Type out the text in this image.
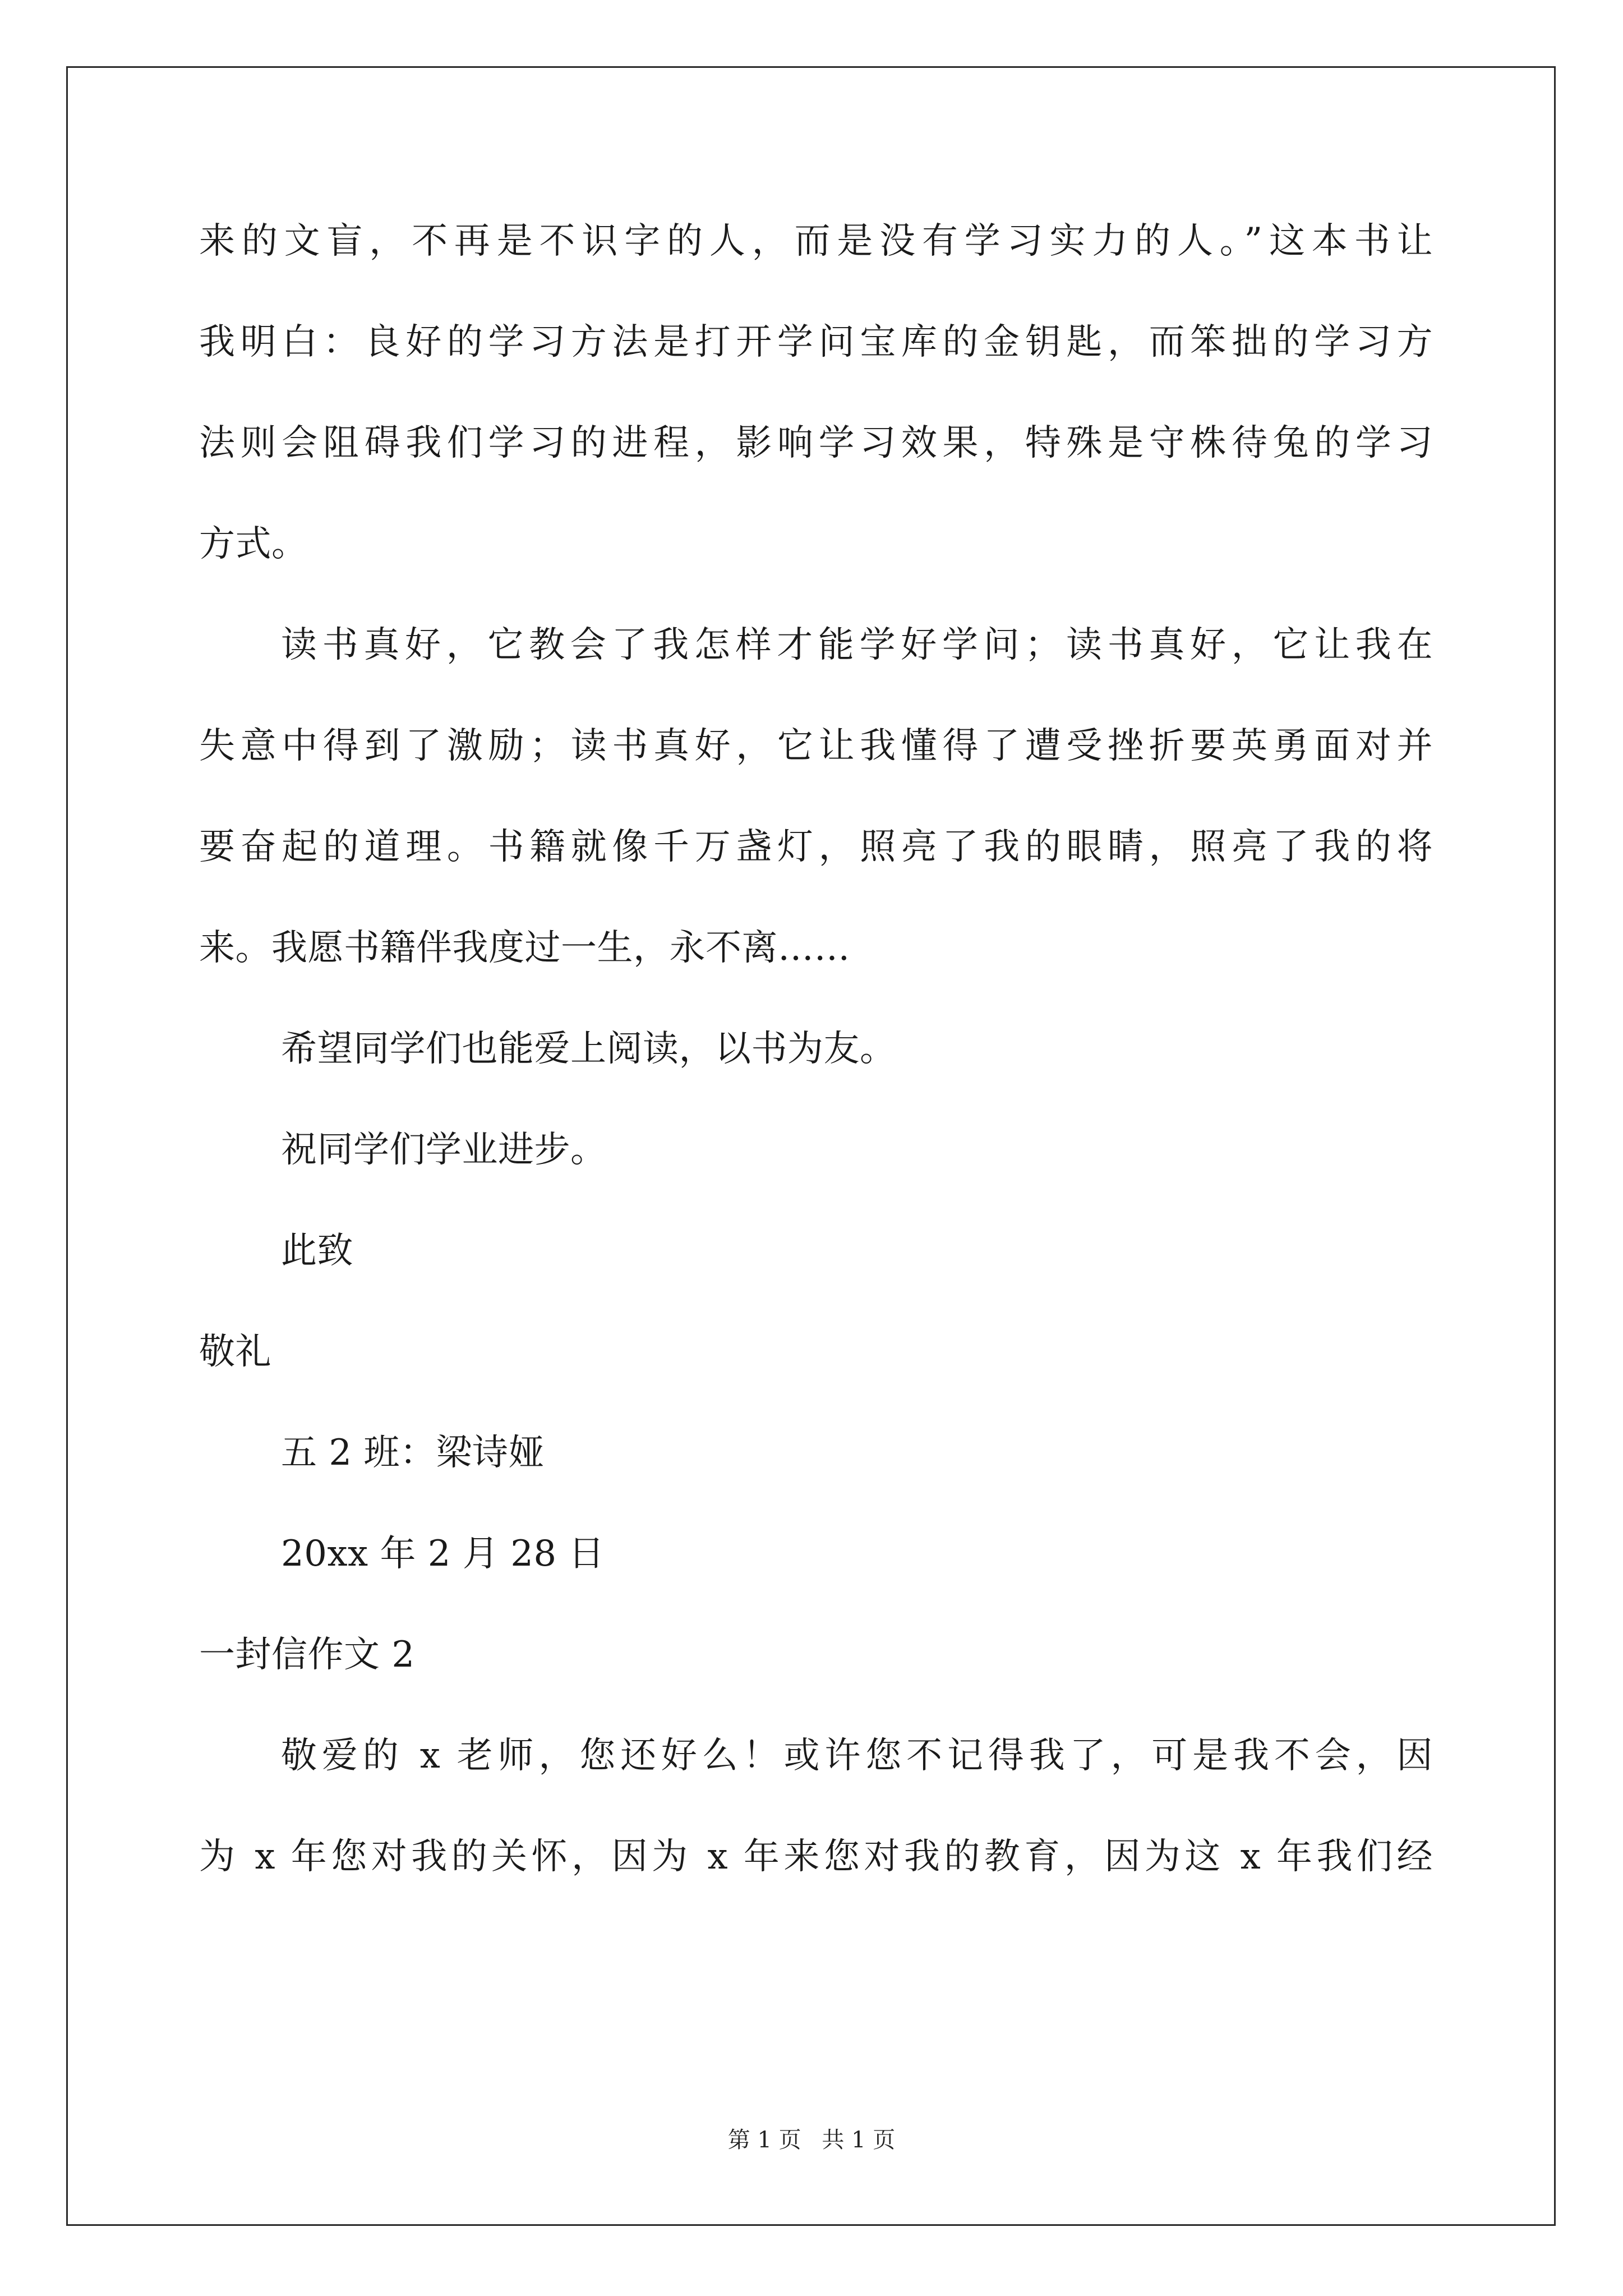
来的文盲，不再是不识字的人，而是没有学习实力的人。”这本书让
我明白：良好的学习方法是打开学问宝库的金钥匙，而笨拙的学习方
法则会阻碍我们学习的进程，影响学习效果，特殊是守株待兔的学习
方式。
读书真好，它教会了我怎样才能学好学问；读书真好，它让我在
失意中得到了激励；读书真好，它让我懂得了遭受挫折要英勇面对并
要奋起的道理。书籍就像千万盏灯，照亮了我的眼睛，照亮了我的将
来。我愿书籍伴我度过一生，永不离……
希望同学们也能爱上阅读，以书为友。
祝同学们学业进步。
此致
敬礼
五 2 班：梁诗娅
20xx 年 2 月 28 日
一封信作文 2
敬爱的 x 老师，您还好么！或许您不记得我了，可是我不会，因
为 x 年您对我的关怀，因为 x 年来您对我的教育，因为这 x 年我们经
第 1 页 共 1 页
